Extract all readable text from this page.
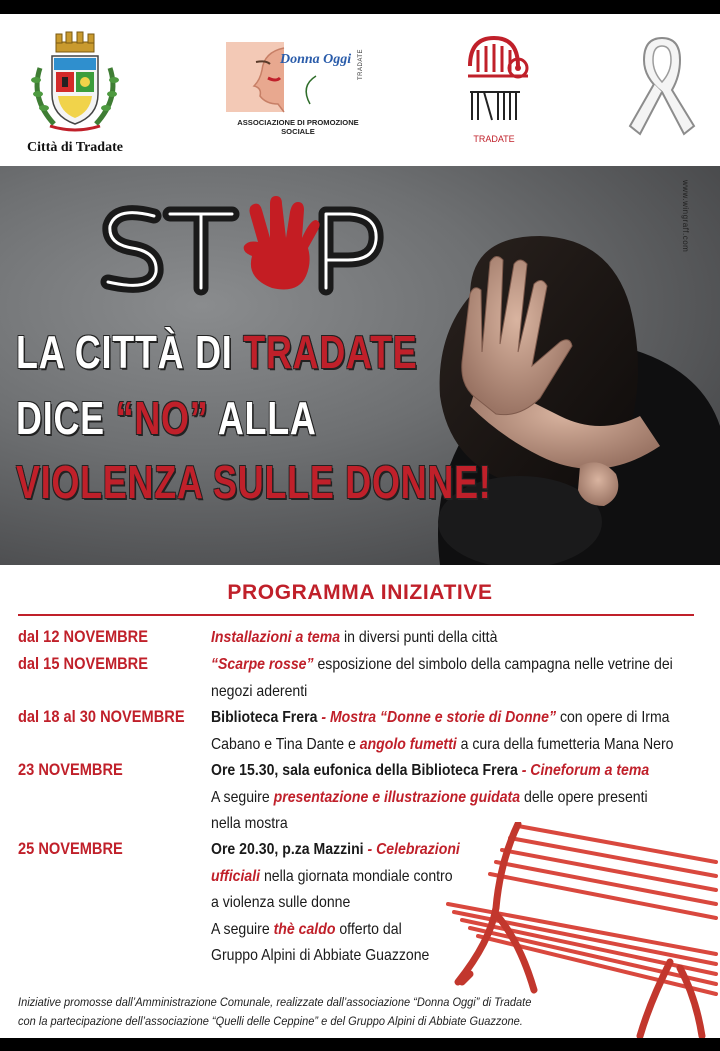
Città di Tradate
Donna Oggi TRADATE
ASSOCIAZIONE DI PROMOZIONE SOCIALE
TRADATE
www.wingraff.com
LA CITTÀ DI TRADATE
DICE “NO” ALLA
VIOLENZA SULLE DONNE!
PROGRAMMA INIZIATIVE
dal 12 NOVEMBRE	Installazioni a tema in diversi punti della città
dal 15 NOVEMBRE	“Scarpe rosse” esposizione del simbolo della campagna nelle vetrine dei
negozi aderenti
dal 18 al 30 NOVEMBRE Biblioteca Frera - Mostra “Donne e storie di Donne” con opere di Irma
Cabano e Tina Dante e angolo fumetti a cura della fumetteria Mana Nero
23 NOVEMBRE	Ore 15.30, sala eufonica della Biblioteca Frera - Cineforum a tema
A seguire presentazione e illustrazione guidata delle opere presenti
nella mostra
25 NOVEMBRE	Ore 20.30, p.za Mazzini - Celebrazioni
ufficiali nella giornata mondiale contro
a violenza sulle donne
A seguire thè caldo offerto dal
Gruppo Alpini di Abbiate Guazzone
Iniziative promosse dall’Amministrazione Comunale, realizzate dall’associazione “Donna Oggi” di Tradate
con la partecipazione dell’associazione “Quelli delle Ceppine” e del Gruppo Alpini di Abbiate Guazzone.
